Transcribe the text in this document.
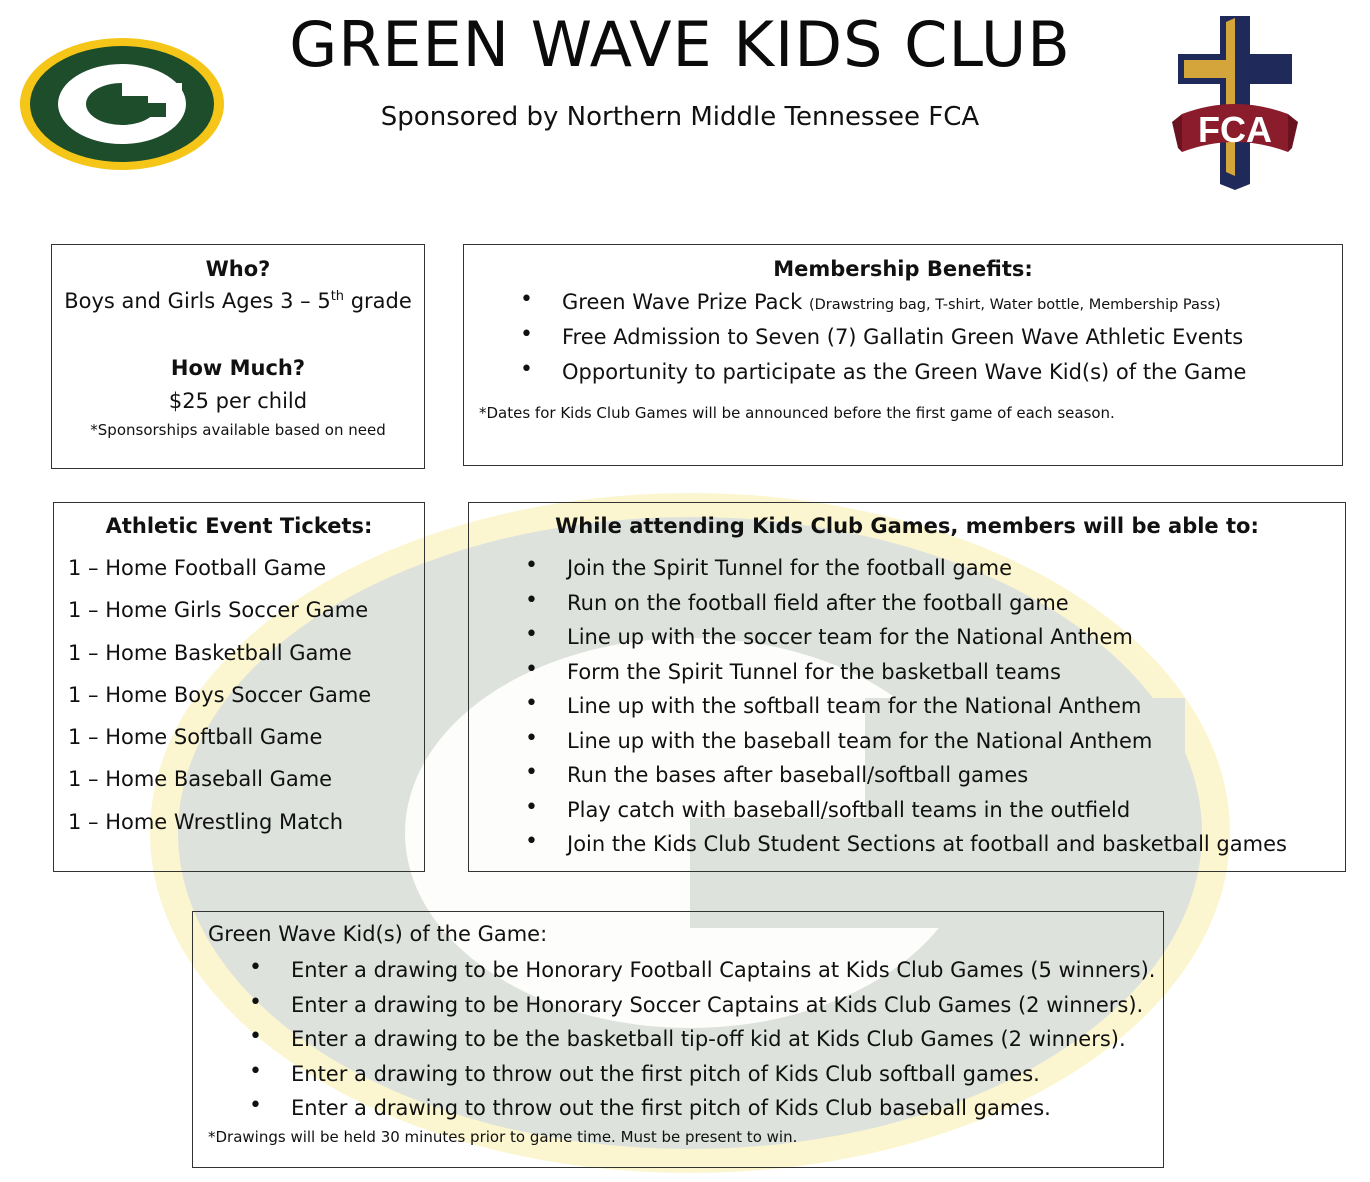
FCA
GREEN WAVE KIDS CLUB
Sponsored by Northern Middle Tennessee FCA
Who?
Boys and Girls Ages 3 – 5th grade
How Much?
$25 per child
*Sponsorships available based on need
Membership Benefits:
• Green Wave Prize Pack (Drawstring bag, T-shirt, Water bottle, Membership Pass)
• Free Admission to Seven (7) Gallatin Green Wave Athletic Events
• Opportunity to participate as the Green Wave Kid(s) of the Game
*Dates for Kids Club Games will be announced before the first game of each season.
Athletic Event Tickets:
1 – Home Football Game
1 – Home Girls Soccer Game
1 – Home Basketball Game
1 – Home Boys Soccer Game
1 – Home Softball Game
1 – Home Baseball Game
1 – Home Wrestling Match
While attending Kids Club Games, members will be able to:
• Join the Spirit Tunnel for the football game
• Run on the football field after the football game
• Line up with the soccer team for the National Anthem
• Form the Spirit Tunnel for the basketball teams
• Line up with the softball team for the National Anthem
• Line up with the baseball team for the National Anthem
• Run the bases after baseball/softball games
• Play catch with baseball/softball teams in the outfield
• Join the Kids Club Student Sections at football and basketball games
Green Wave Kid(s) of the Game:
• Enter a drawing to be Honorary Football Captains at Kids Club Games (5 winners).
• Enter a drawing to be Honorary Soccer Captains at Kids Club Games (2 winners).
• Enter a drawing to be the basketball tip-off kid at Kids Club Games (2 winners).
• Enter a drawing to throw out the first pitch of Kids Club softball games.
• Enter a drawing to throw out the first pitch of Kids Club baseball games.
*Drawings will be held 30 minutes prior to game time. Must be present to win.
